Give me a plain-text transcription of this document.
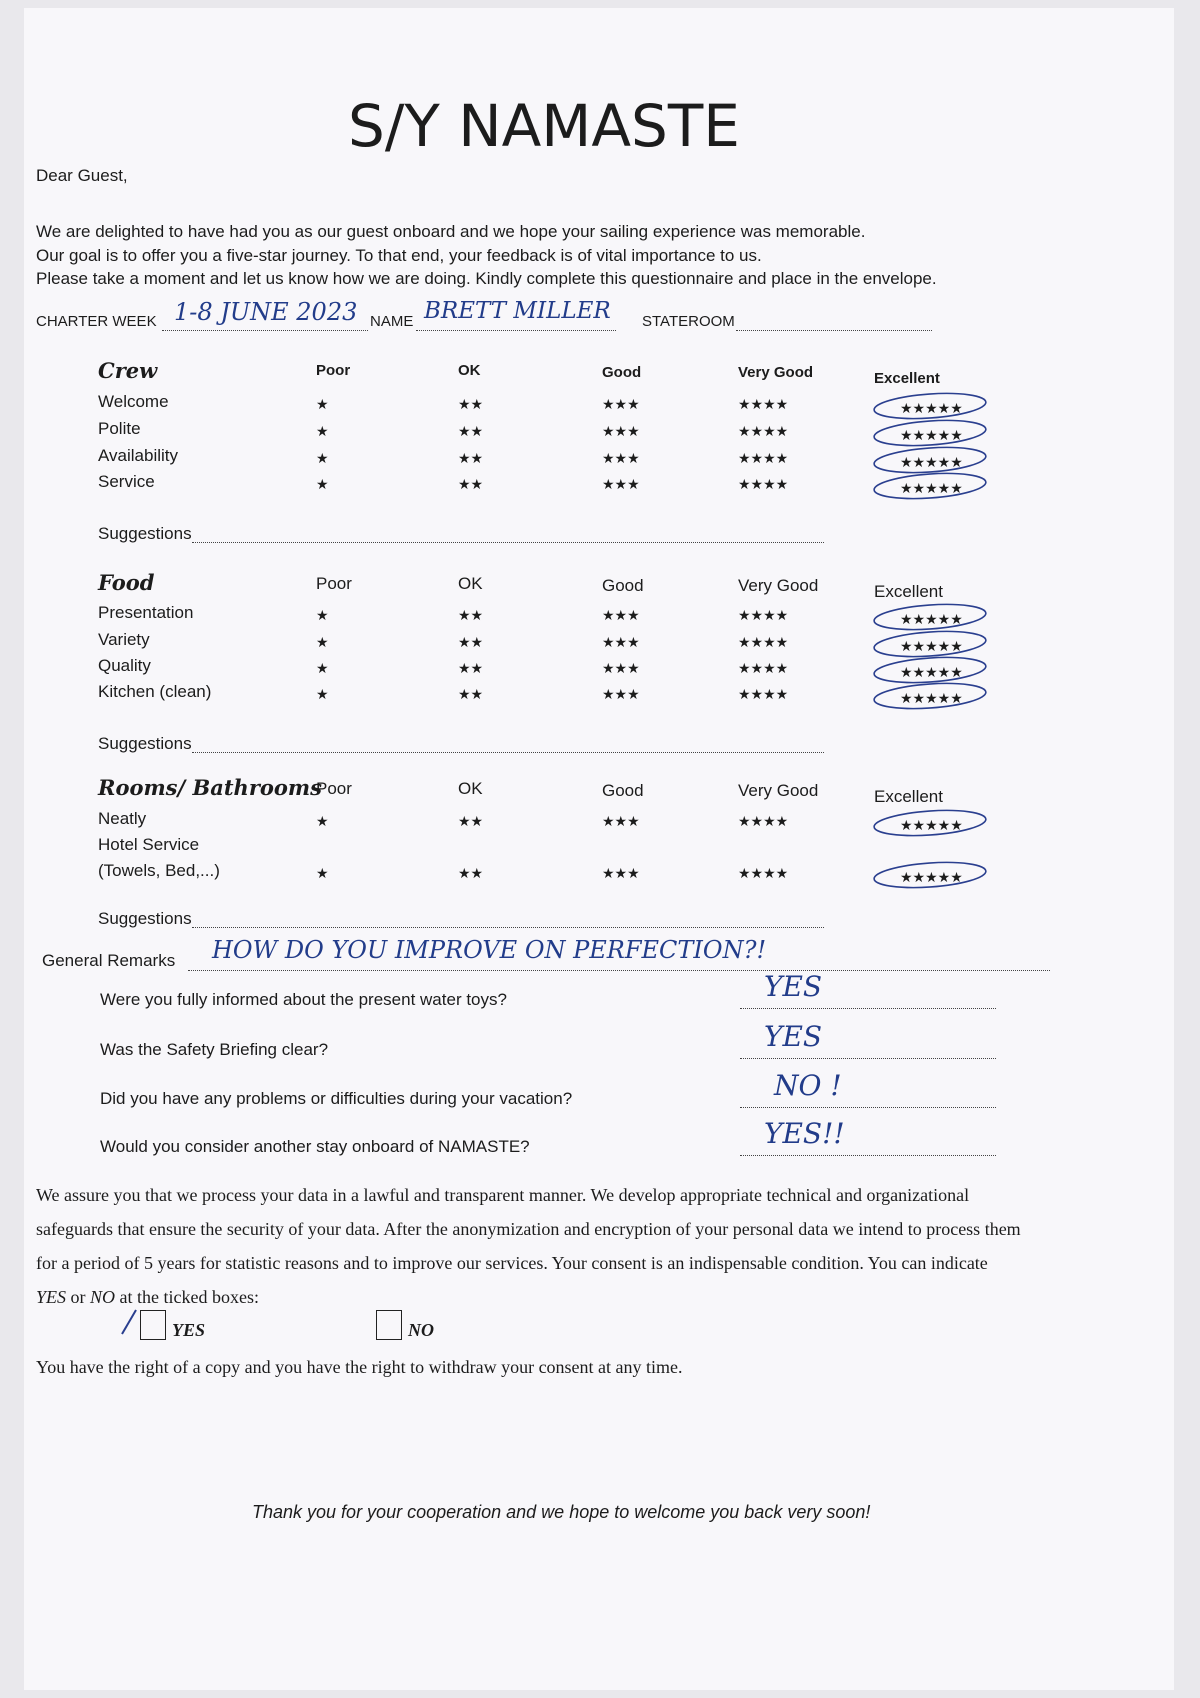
S/Y NAMASTE
Dear Guest,
We are delighted to have had you as our guest onboard and we hope your sailing experience was memorable.
Our goal is to offer you a five-star journey. To that end, your feedback is of vital importance to us.
Please take a moment and let us know how we are doing. Kindly complete this questionnaire and place in the envelope.
CHARTER WEEK 1-8 JUNE 2023 NAME BRETT MILLER STATEROOM
Crew	Poor	OK	Good	Very Good	Excellent
Welcome	★	★★	★★★	★★★★	★★★★★
Polite	★	★★	★★★	★★★★	★★★★★
Availability	★	★★	★★★	★★★★	★★★★★
Service	★	★★	★★★	★★★★	★★★★★
Suggestions
Food	Poor	OK	Good	Very Good	Excellent
Presentation	★	★★	★★★	★★★★	★★★★★
Variety	★	★★	★★★	★★★★	★★★★★
Quality	★	★★	★★★	★★★★	★★★★★
Kitchen (clean)	★	★★	★★★	★★★★	★★★★★
Suggestions
Rooms/ Bathrooms
Poor	OK	Good	Very Good	Excellent
Neatly	★	★★	★★★	★★★★	★★★★★
Hotel Service
(Towels, Bed,...)	★	★★	★★★	★★★★	★★★★★
Suggestions
General Remarks HOW DO YOU IMPROVE ON PERFECTION?!
Were you fully informed about the present water toys?	YES
Was the Safety Briefing clear?	YES
Did you have any problems or difficulties during your vacation?	NO !
Would you consider another stay onboard of NAMASTE?	YES!!
We assure you that we process your data in a lawful and transparent manner. We develop appropriate technical and organizational
safeguards that ensure the security of your data. After the anonymization and encryption of your personal data we intend to process them
for a period of 5 years for statistic reasons and to improve our services. Your consent is an indispensable condition. You can indicate
YES or NO at the ticked boxes:
YES	NO
You have the right of a copy and you have the right to withdraw your consent at any time.
Thank you for your cooperation and we hope to welcome you back very soon!
